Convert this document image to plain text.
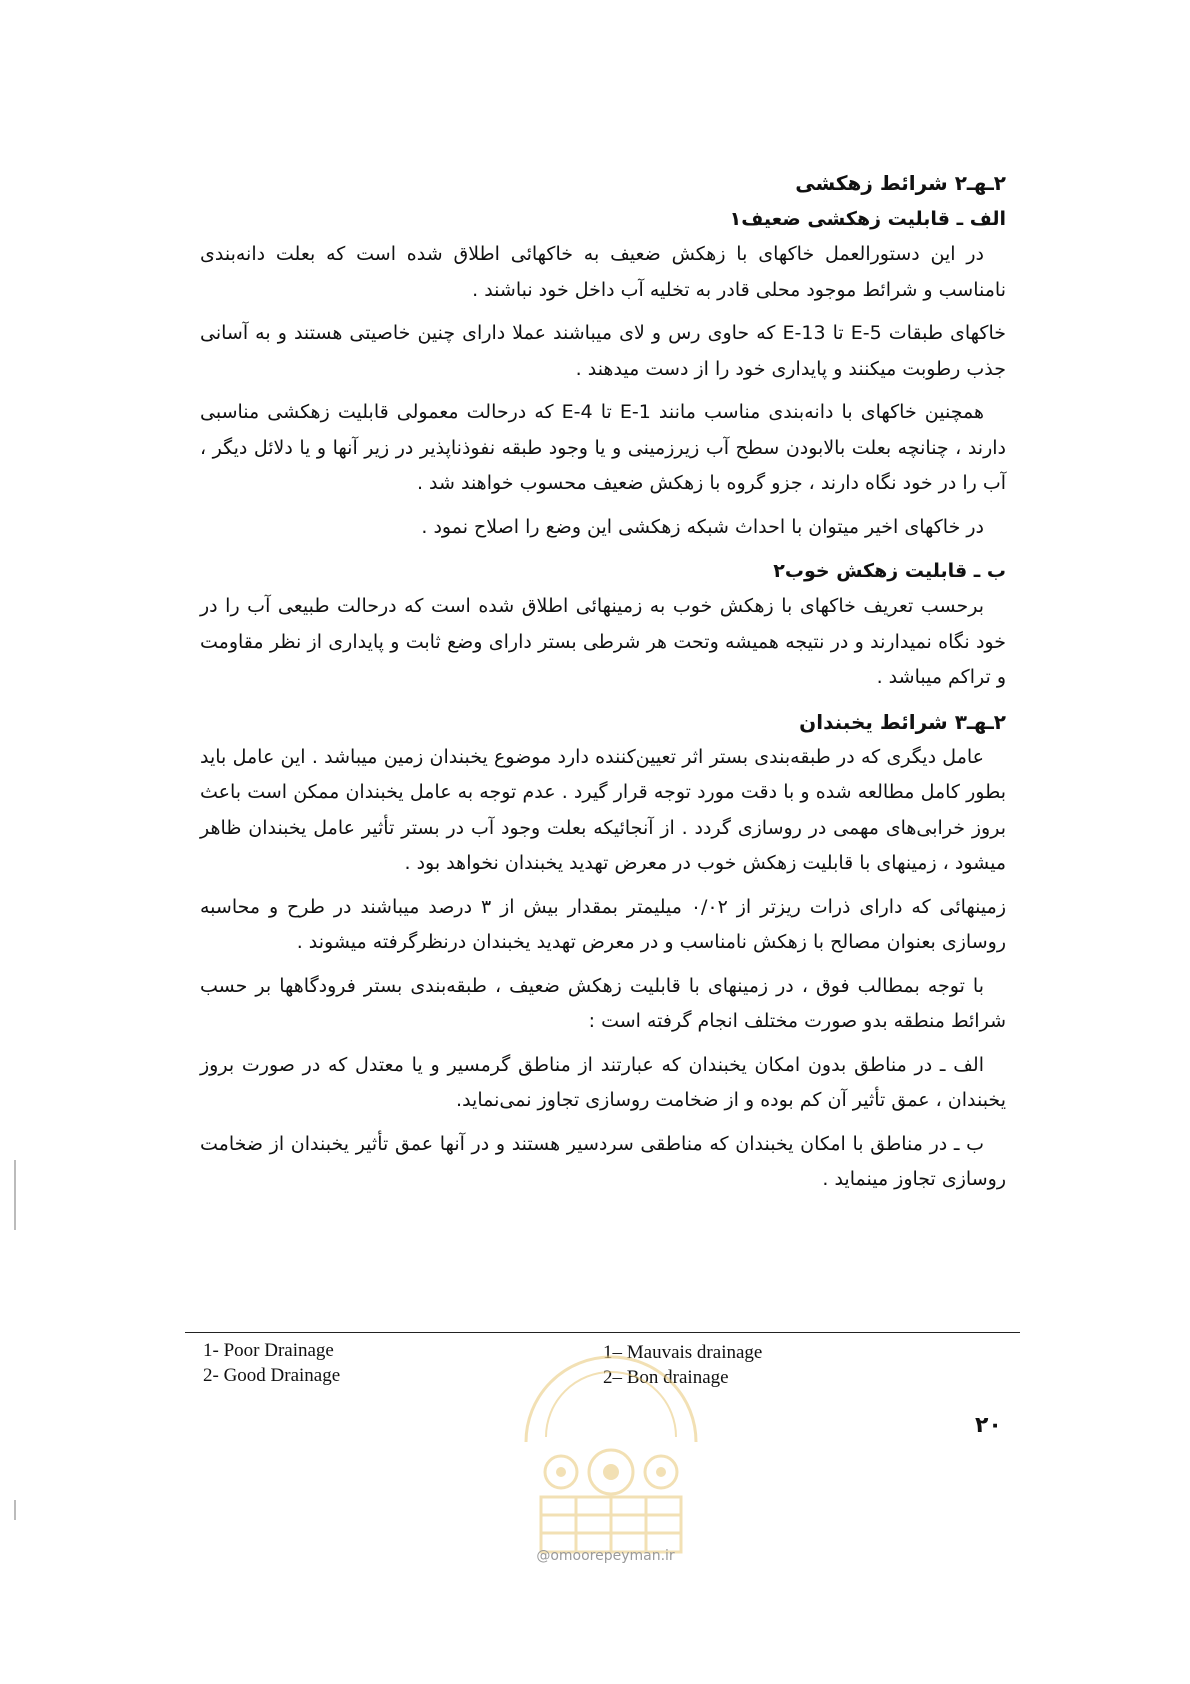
۲ـهـ۲ شرائط زهکشی
الف ـ قابلیت زهکشی ضعیف۱

در این دستورالعمل خاکهای با زهکش ضعیف به خاکهائی اطلاق شده است که بعلت دانه‌بندی نامناسب و شرائط موجود محلی قادر به تخلیه آب داخل خود نباشند .

خاکهای طبقات E-5 تا E-13 که حاوی رس و لای میباشند عملا دارای چنین خاصیتی هستند و به آسانی جذب رطوبت میکنند و پایداری خود را از دست میدهند .

همچنین خاکهای با دانه‌بندی مناسب مانند E-1 تا E-4 که درحالت معمولی قابلیت زهکشی مناسبی دارند ، چنانچه بعلت بالابودن سطح آب زیرزمینی و یا وجود طبقه نفوذناپذیر در زیر آنها و یا دلائل دیگر ، آب را در خود نگاه دارند ، جزو گروه با زهکش ضعیف محسوب خواهند شد .

در خاکهای اخیر میتوان با احداث شبکه زهکشی این وضع را اصلاح نمود .

ب ـ قابلیت زهکش خوب۲

برحسب تعریف خاکهای با زهکش خوب به زمینهائی اطلاق شده است که درحالت طبیعی آب را در خود نگاه نمیدارند و در نتیجه همیشه وتحت هر شرطی بستر دارای وضع ثابت و پایداری از نظر مقاومت و تراکم میباشد .

۲ـهـ۳ شرائط یخبندان

عامل دیگری که در طبقه‌بندی بستر اثر تعیین‌کننده دارد موضوع یخبندان زمین میباشد . این عامل باید بطور کامل مطالعه شده و با دقت مورد توجه قرار گیرد . عدم توجه به عامل یخبندان ممکن است باعث بروز خرابی‌های مهمی در روسازی گردد . از آنجائیکه بعلت وجود آب در بستر تأثیر عامل یخبندان ظاهر میشود ، زمینهای با قابلیت زهکش خوب در معرض تهدید یخبندان نخواهد بود .

زمینهائی که دارای ذرات ریزتر از ۰/۰۲ میلیمتر بمقدار بیش از ۳ درصد میباشند در طرح و محاسبه روسازی بعنوان مصالح با زهکش نامناسب و در معرض تهدید یخبندان درنظرگرفته میشوند .

با توجه بمطالب فوق ، در زمینهای با قابلیت زهکش ضعیف ، طبقه‌بندی بستر فرودگاهها بر حسب شرائط منطقه بدو صورت مختلف انجام گرفته است :

الف ـ در مناطق بدون امکان یخبندان که عبارتند از مناطق گرمسیر و یا معتدل که در صورت بروز یخبندان ، عمق تأثیر آن کم بوده و از ضخامت روسازی تجاوز نمی‌نماید.

ب ـ در مناطق با امکان یخبندان که مناطقی سردسیر هستند و در آنها عمق تأثیر یخبندان از ضخامت روسازی تجاوز مینماید .

1- Poor Drainage
2- Good Drainage
1– Mauvais drainage
2– Bon drainage
۲۰
@omoorepeyman.ir
